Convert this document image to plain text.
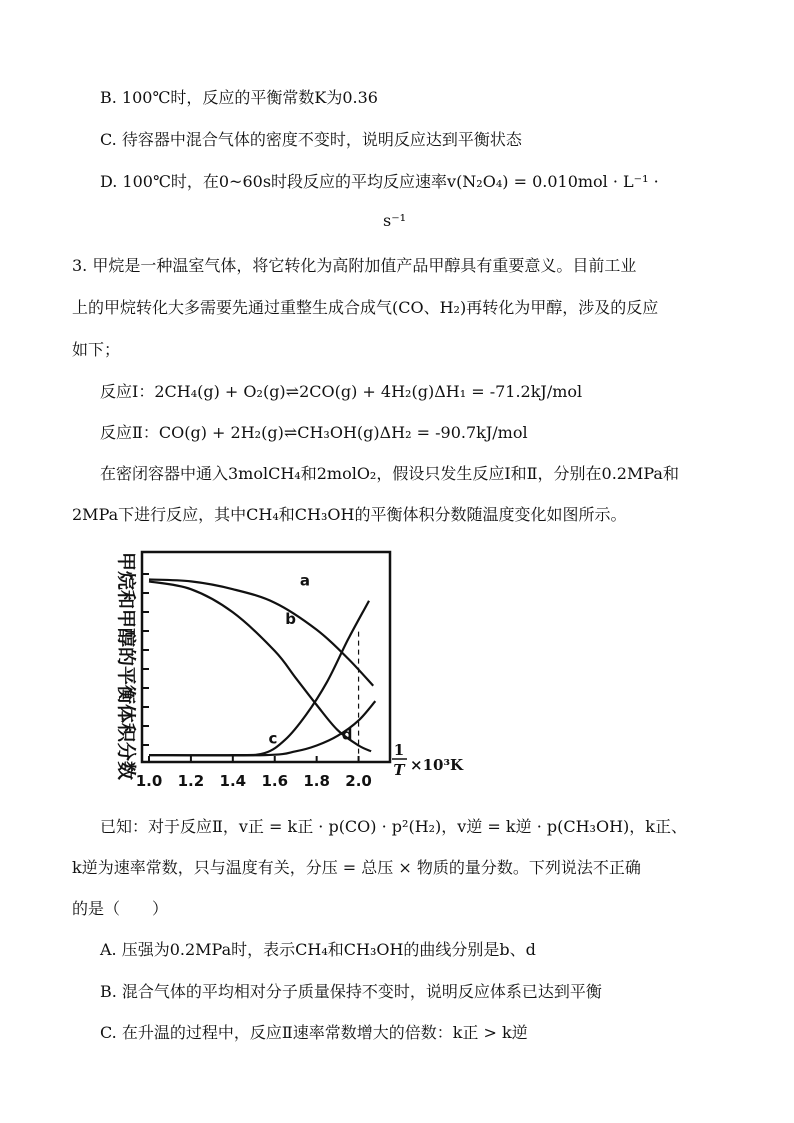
B. 100℃时，反应的平衡常数K为0.36
C. 待容器中混合气体的密度不变时，说明反应达到平衡状态
D. 100℃时，在0~60s时段反应的平均反应速率v(N₂O₄) = 0.010mol · L⁻¹ ·
s⁻¹
3. 甲烷是一种温室气体，将它转化为高附加值产品甲醇具有重要意义。目前工业
上的甲烷转化大多需要先通过重整生成合成气(CO、H₂)再转化为甲醇，涉及的反应
如下；
反应Ⅰ：2CH₄(g) + O₂(g)⇌2CO(g) + 4H₂(g)ΔH₁ = -71.2kJ/mol
反应Ⅱ：CO(g) + 2H₂(g)⇌CH₃OH(g)ΔH₂ = -90.7kJ/mol
在密闭容器中通入3molCH₄和2molO₂，假设只发生反应Ⅰ和Ⅱ，分别在0.2MPa和
2MPa下进行反应，其中CH₄和CH₃OH的平衡体积分数随温度变化如图所示。
甲烷和甲醇的平衡体积分数	a
b
c	d
1.0 1.2 1.4 1.6 1.8 2.0
1
T ×10³K
已知：对于反应Ⅱ，v正 = k正 · p(CO) · p²(H₂)，v逆 = k逆 · p(CH₃OH)，k正、
k逆为速率常数，只与温度有关，分压 = 总压 × 物质的量分数。下列说法不正确
的是（　　）
A. 压强为0.2MPa时，表示CH₄和CH₃OH的曲线分别是b、d
B. 混合气体的平均相对分子质量保持不变时，说明反应体系已达到平衡
C. 在升温的过程中，反应Ⅱ速率常数增大的倍数：k正 > k逆
